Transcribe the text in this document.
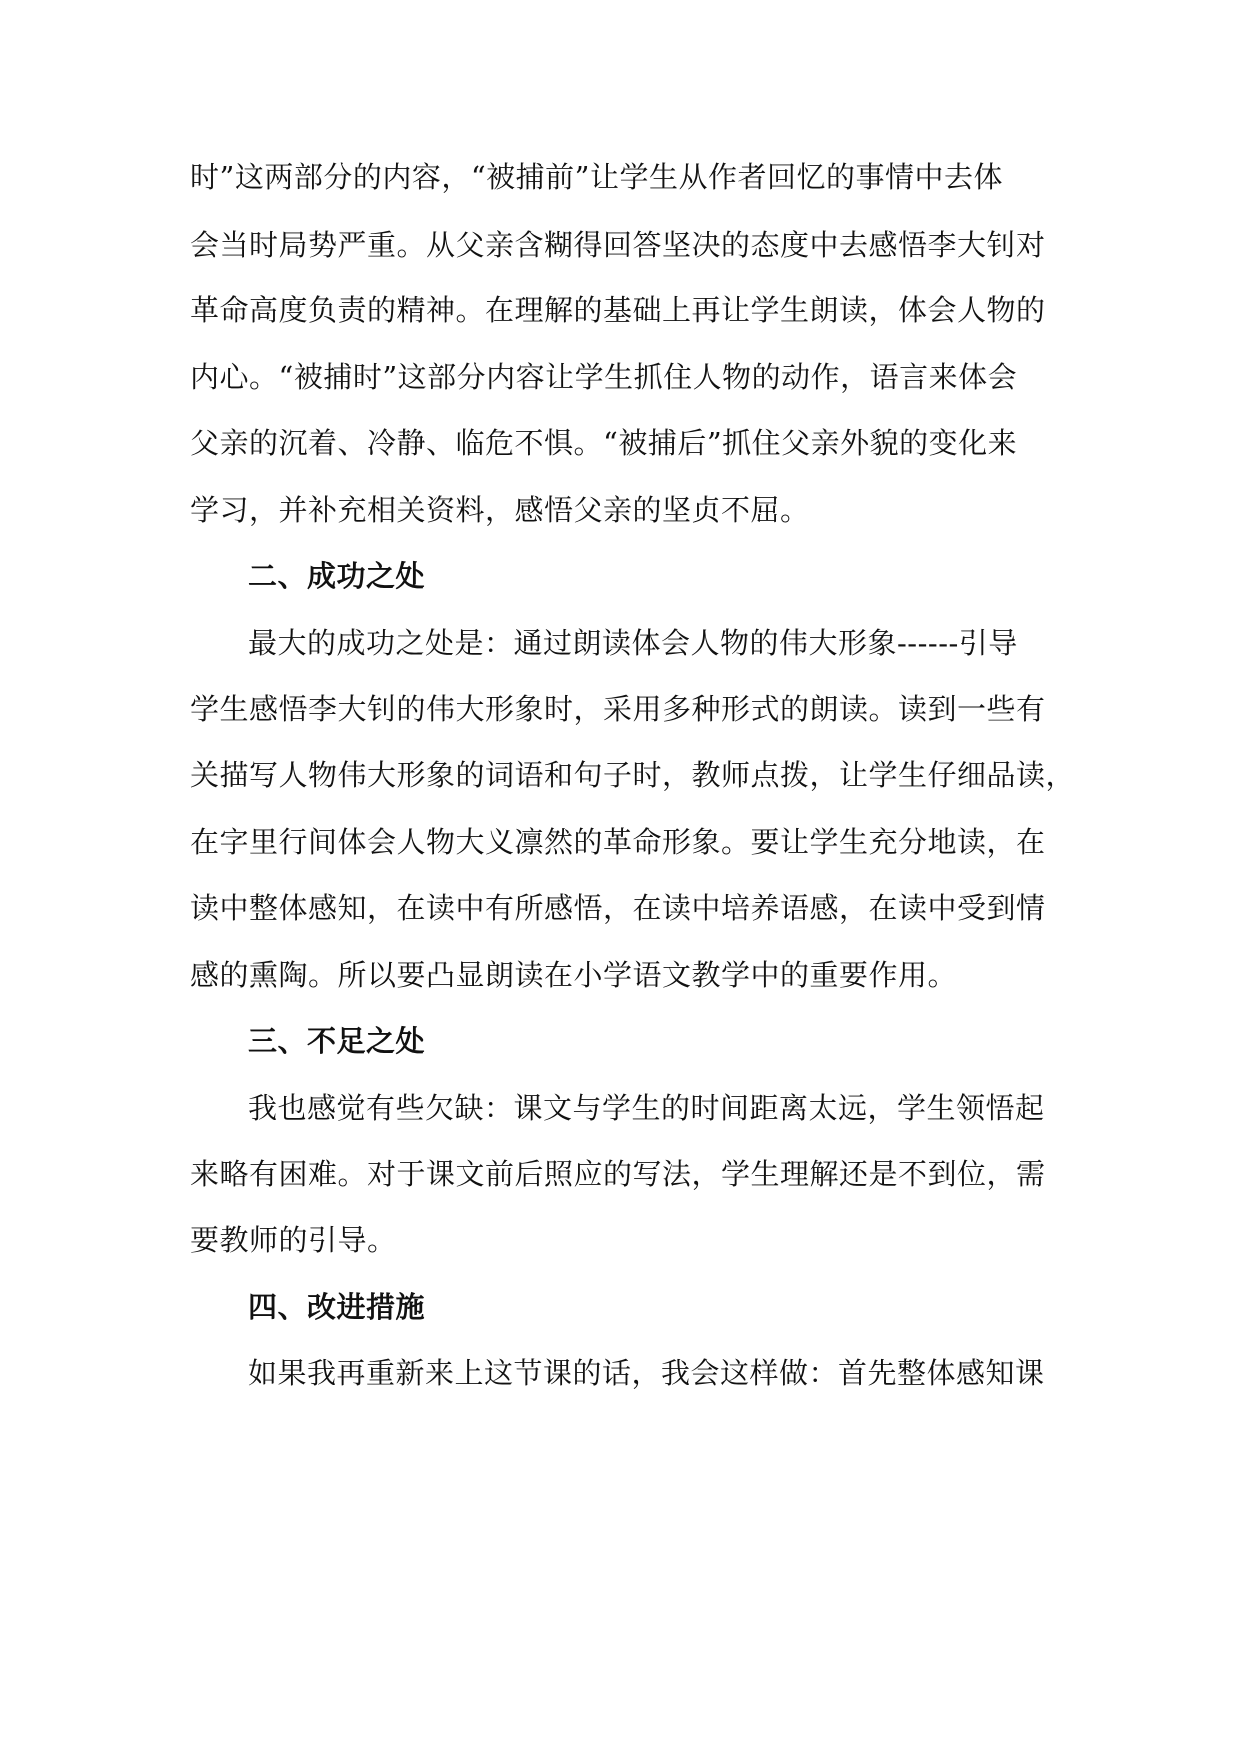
时”这两部分的内容，“被捕前”让学生从作者回忆的事情中去体
会当时局势严重。从父亲含糊得回答坚决的态度中去感悟李大钊对
革命高度负责的精神。在理解的基础上再让学生朗读，体会人物的
内心。“被捕时”这部分内容让学生抓住人物的动作，语言来体会
父亲的沉着、冷静、临危不惧。“被捕后”抓住父亲外貌的变化来
学习，并补充相关资料，感悟父亲的坚贞不屈。
二、成功之处
最大的成功之处是：通过朗读体会人物的伟大形象------引导
学生感悟李大钊的伟大形象时，采用多种形式的朗读。读到一些有
关描写人物伟大形象的词语和句子时，教师点拨，让学生仔细品读，
在字里行间体会人物大义凛然的革命形象。要让学生充分地读，在
读中整体感知，在读中有所感悟，在读中培养语感，在读中受到情
感的熏陶。所以要凸显朗读在小学语文教学中的重要作用。
三、不足之处
我也感觉有些欠缺：课文与学生的时间距离太远，学生领悟起
来略有困难。对于课文前后照应的写法，学生理解还是不到位，需
要教师的引导。
四、改进措施
如果我再重新来上这节课的话，我会这样做：首先整体感知课
